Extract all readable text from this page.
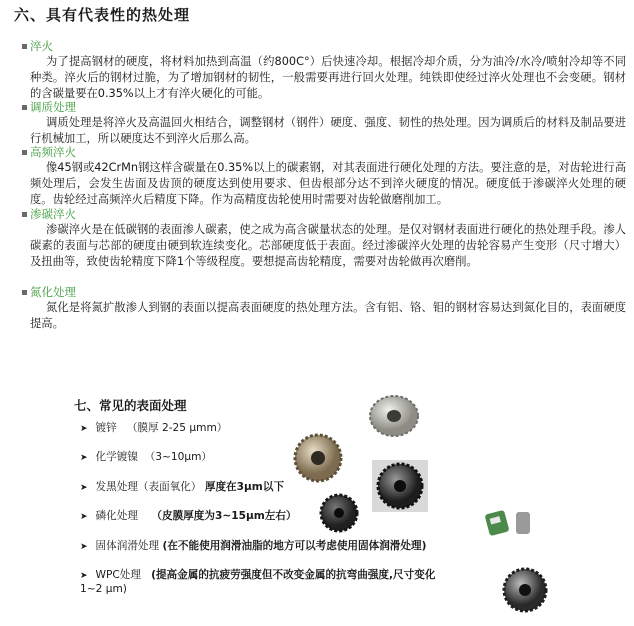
六、具有代表性的热处理
淬火

为了提高钢材的硬度，将材料加热到高温（约800C°）后快速冷却。根据冷却介质，分为油冷/水冷/喷射冷却等不同种类。淬火后的钢材过脆，为了增加钢材的韧性，一般需要再进行回火处理。纯铁即使经过淬火处理也不会变硬。钢材的含碳量要在0.35%以上才有淬火硬化的可能。

调质处理

调质处理是将淬火及高温回火相结合，调整钢材（钢件）硬度、强度、韧性的热处理。因为调质后的材料及制品要进行机械加工，所以硬度达不到淬火后那么高。

高频淬火

像45钢或42CrMn钢这样含碳量在0.35%以上的碳素钢，对其表面进行硬化处理的方法。要注意的是，对齿轮进行高频处理后，会发生齿面及齿顶的硬度达到使用要求、但齿根部分达不到淬火硬度的情况。硬度低于渗碳淬火处理的硬度。齿轮经过高频淬火后精度下降。作为高精度齿轮使用时需要对齿轮做磨削加工。

渗碳淬火

渗碳淬火是在低碳钢的表面渗人碳素，使之成为高含碳量状态的处理。是仅对钢材表面进行硬化的热处理手段。渗人碳素的表面与芯部的硬度由硬到软连续变化。芯部硬度低于表面。经过渗碳淬火处理的齿轮容易产生变形（尺寸增大）及扭曲等，致使齿轮精度下降1个等级程度。要想提高齿轮精度，需要对齿轮做再次磨削。

氮化处理

氮化是将氮扩散渗人到钢的表面以提高表面硬度的热处理方法。含有铝、铬、钼的钢材容易达到氮化目的，表面硬度提高。

七、常见的表面处理
➤ 镀锌 （膜厚 2-25 μmm）
➤ 化学镀镍 （3~10μm）
➤ 发黑处理（表面氧化） 厚度在3μm以下
➤ 磷化处理 （皮膜厚度为3~15μm左右）
➤ 固体润滑处理 (在不能使用润滑油脂的地方可以考虑使用固体润滑处理)
➤ WPC处理 (提高金属的抗疲劳强度但不改变金属的抗弯曲强度,尺寸变化
1~2 μm)
